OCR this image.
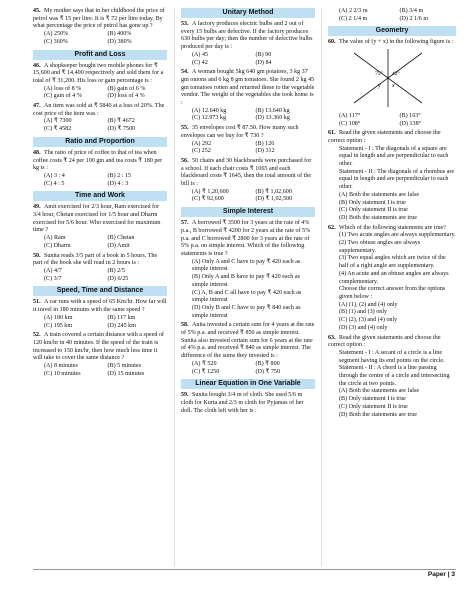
45. My mother says that in her childhood the price of petrol was ₹ 15 per litre. It is ₹ 72 per litre today. By what percentage the price of petrol has gone up ?
(A) 250%	(B) 400%
(C) 360%	(D) 380%
Profit and Loss
46. A shopkeeper bought two mobile phones for ₹ 15,600 and ₹ 14,400 respectively and sold them for a total of ₹ 31,200. His loss or gain percentage is :
(A) loss of 8 %	(B) gain of 6 %
(C) gain of 4 %	(D) loss of 4 %
47. An item was sold at ₹ 5840 at a loss of 20%. The cost price of the item was :
(A) ₹ 7300	(B) ₹ 4672
(C) ₹ 4582	(D) ₹ 7500
Ratio and Proportion
48. The ratio of price of coffee to that of tea when coffee costs ₹ 24 per 100 gm and tea costs ₹ 180 per kg is :
(A) 3 : 4	(B) 2 : 15
(C) 4 : 5	(D) 4 : 3
Time and Work
49. Amit exercised for 2/3 hour, Ram exercised for 3/4 hour, Chetan exercised for 1/5 hour and Dharm exercised for 5/6 hour. Who exercised for maximum time ?
(A) Ram	(B) Chetan
(C) Dharm	(D) Amit
50. Sunita reads 3/5 part of a book in 5 hours. The part of the book she will read in 2 hours is :
(A) 4/7	(B) 2/5
(C) 3/7	(D) 6/25
Speed, Time and Distance
51. A car runs with a speed of 65 Km/hr. How far will it travel in 180 minutes with the same speed ?
(A) 180 km	(B) 117 km
(C) 195 km	(D) 245 km
52. A train covered a certain distance with a speed of 120 km/hr in 40 minutes. If the speed of the train is increased to 150 km/hr, then how much less time it will take to cover the same distance ?
(A) 8 minutes	(B) 5 minutes
(C) 10 minutes	(D) 15 minutes
Unitary Method
53. A factory produces electric bulbs and 2 out of every 15 bulbs are defective. If the factory produces 630 bulbs per day; then the number of defective bulbs produced per day is :
(A) 45	(B) 90
(C) 42	(D) 84
54. A woman bought 5kg 640 gm potatoes, 3 kg 37 gm onions and 6 kg 8 gm tomatoes. She found 2 kg 45 gm tomatoes rotten and returned these to the vegetable vendor. The weight of the vegetables she took home is :
(A) 12.640 kg	(B) 13.640 kg
(C) 12.973 kg	(D) 13.360 kg
55. 35 envelopes cost ₹ 87.50. How many such envelopes can we buy for ₹ 730 ?
(A) 292	(B) 126
(C) 252	(D) 312
56. 50 chairs and 30 blackboards were purchased for a school. If each chair costs ₹ 1065 and each blackboard costs ₹ 1645, then the total amount of the bill is :
(A) ₹ 1,20,600	(B) ₹ 1,02,600
(C) ₹ 92,600	(D) ₹ 1,02,500
Simple Interest
57. A borrowed ₹ 3500 for 3 years at the rate of 4% p.a., B borrowed ₹ 4200 for 2 years at the rate of 5% p.a. and C borrowed ₹ 2800 for 3 years at the rate of 5% p.a. on simple interest. Which of the following statements is true ?
(A) Only A and C have to pay ₹ 420 each as simple interest
(B) Only A and B have to pay ₹ 420 each as simple interest
(C) A, B and C all have to pay ₹ 420 each as simple interest
(D) Only B and C have to pay ₹ 840 each as simple interest
58. Anita invested a certain sum for 4 years at the rate of 5% p.a. and received ₹ 850 as simple interest. Sunita also invested certain sum for 6 years at the rate of 4% p.a. and received ₹ 840 as simple interest. The difference of the sums they invested is :
(A) ₹ 520	(B) ₹ 800
(C) ₹ 1250	(D) ₹ 750
Linear Equation in One Variable
59. Sunita bought 3/4 m of cloth. She used 5/6 m cloth for Kurta and 2/3 m cloth for Pyjamas of her doll. The cloth left with her is :
(A) 2 2/3 m	(B) 3/4 m
(C) 2 1/4 m	(D) 2 1/6 m
Geometry
60. The value of (y + x) in the following figure is :
75° 42°
y x
(A) 117°	(B) 163°
(C) 108°	(D) 138°
61. Read the given statements and choose the correct option :
Statement - I : The diagonals of a square are equal in length and are perpendicular to each other.
Statement - II : The diagonals of a rhombus are equal in length and are perpendicular to each other.
(A) Both the statements are false
(B) Only statement I is true
(C) Only statement II is true
(D) Both the statements are true
62. Which of the following statements are true?
(1) Two acute angles are always supplementary.
(2) Two obtuse angles are always supplementary.
(3) Two equal angles which are twice of the half of a right angle are supplementary.
(4) An acute and an obtuse angles are always complementary.
Choose the correct answer from the options given below :
(A) (1), (2) and (4) only
(B) (1) and (3) only
(C) (2), (3) and (4) only
(D) (3) and (4) only
63. Read the given statements and choose the correct option :
Statement - I : A secant of a circle is a line segment having its end points on the circle.
Statement - II : A chord is a line passing through the centre of a circle and intersecting the circle at two points.
(A) Both the statements are false
(B) Only statement I is true
(C) Only statement II is true
(D) Both the statements are true
Paper | 3
